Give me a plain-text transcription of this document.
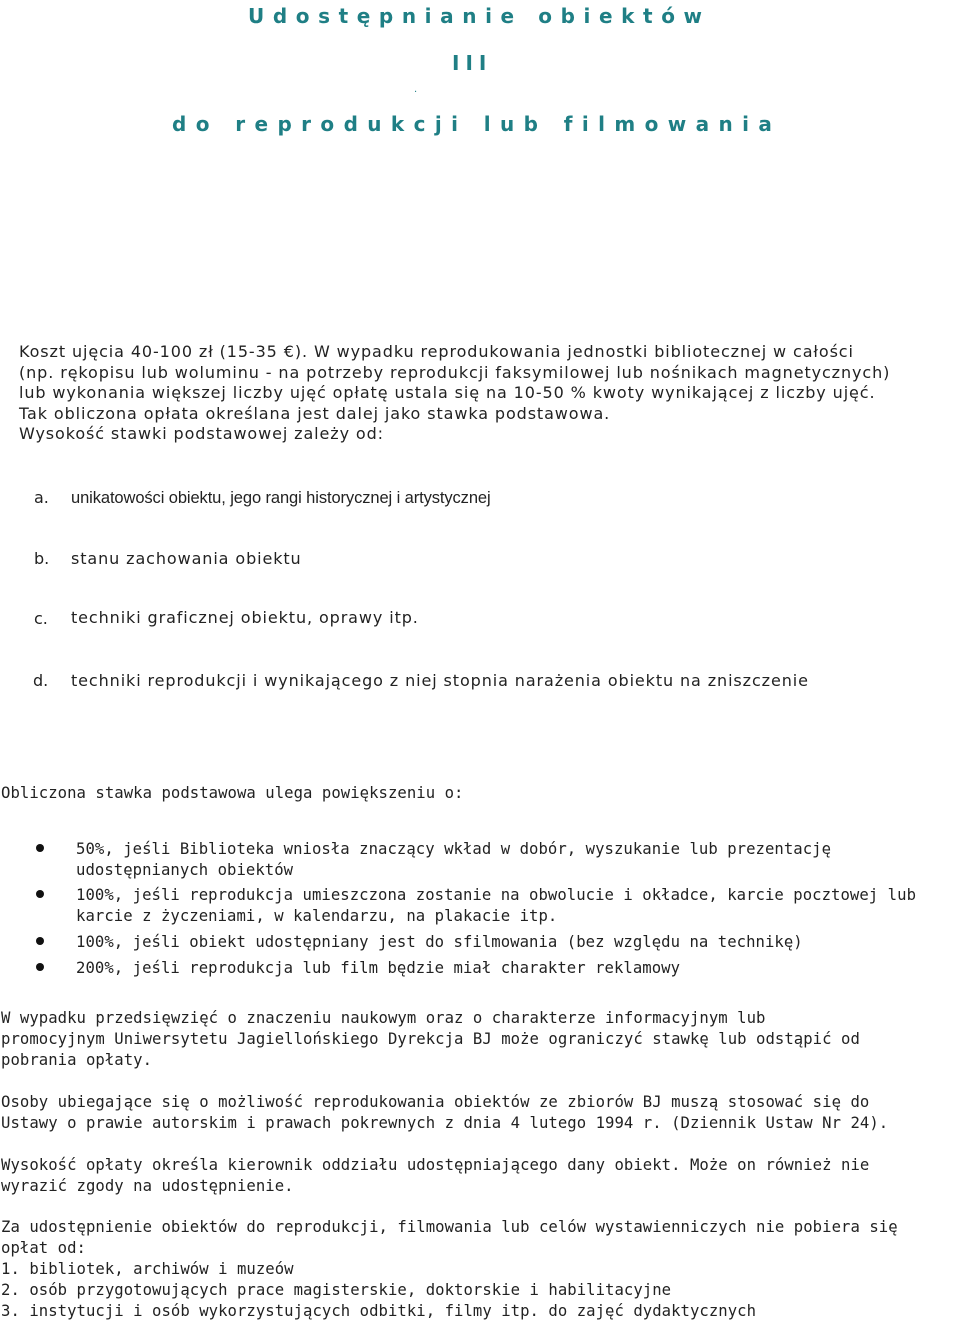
Udostępnianie obiektów
III
.
do reprodukcji lub filmowania
Koszt ujęcia 40-100 zł (15-35 €). W wypadku reprodukowania jednostki bibliotecznej w całości
(np. rękopisu lub woluminu - na potrzeby reprodukcji faksymilowej lub nośnikach magnetycznych)
lub wykonania większej liczby ujęć opłatę ustala się na 10-50 % kwoty wynikającej z liczby ujęć.
Tak obliczona opłata określana jest dalej jako stawka podstawowa.
Wysokość stawki podstawowej zależy od:
a. unikatowości obiektu, jego rangi historycznej i artystycznej
b. stanu zachowania obiektu
c. techniki graficznej obiektu, oprawy itp.
d. techniki reprodukcji i wynikającego z niej stopnia narażenia obiektu na zniszczenie
Obliczona stawka podstawowa ulega powiększeniu o:
50%, jeśli Biblioteka wniosła znaczący wkład w dobór, wyszukanie lub prezentację
udostępnianych obiektów
100%, jeśli reprodukcja umieszczona zostanie na obwolucie i okładce, karcie pocztowej lub
karcie z życzeniami, w kalendarzu, na plakacie itp.
100%, jeśli obiekt udostępniany jest do sfilmowania (bez względu na technikę)
200%, jeśli reprodukcja lub film będzie miał charakter reklamowy
W wypadku przedsięwzięć o znaczeniu naukowym oraz o charakterze informacyjnym lub
promocyjnym Uniwersytetu Jagiellońskiego Dyrekcja BJ może ograniczyć stawkę lub odstąpić od
pobrania opłaty.
Osoby ubiegające się o możliwość reprodukowania obiektów ze zbiorów BJ muszą stosować się do
Ustawy o prawie autorskim i prawach pokrewnych z dnia 4 lutego 1994 r. (Dziennik Ustaw Nr 24).
Wysokość opłaty określa kierownik oddziału udostępniającego dany obiekt. Może on również nie
wyrazić zgody na udostępnienie.
Za udostępnienie obiektów do reprodukcji, filmowania lub celów wystawienniczych nie pobiera się
opłat od:
1. bibliotek, archiwów i muzeów
2. osób przygotowujących prace magisterskie, doktorskie i habilitacyjne
3. instytucji i osób wykorzystujących odbitki, filmy itp. do zajęć dydaktycznych
